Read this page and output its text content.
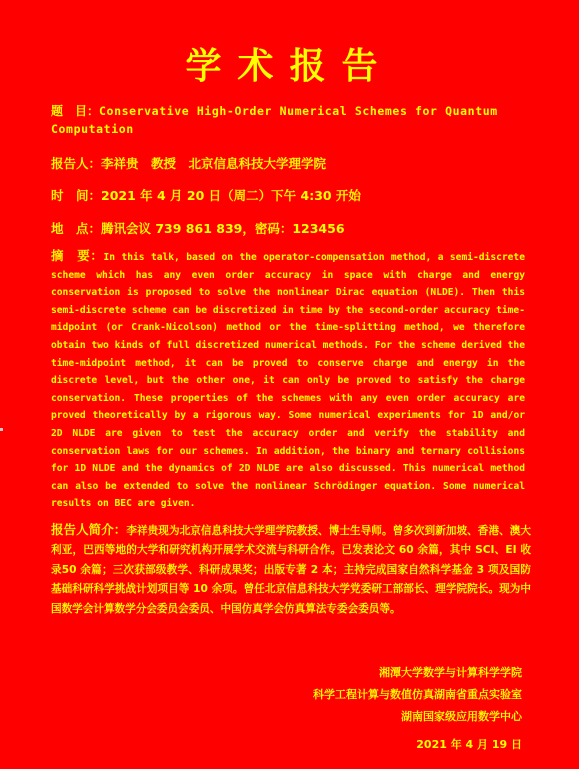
学术报告
题　目：Conservative High-Order Numerical Schemes for Quantum Computation
报告人：李祥贵　教授　北京信息科技大学理学院
时　间：2021 年 4 月 20 日（周二）下午 4:30 开始
地　点：腾讯会议 739 861 839，密码：123456
摘　要：In this talk, based on the operator-compensation method, a semi-discrete scheme which has any even order accuracy in space with charge and energy conservation is proposed to solve the nonlinear Dirac equation (NLDE). Then this semi-discrete scheme can be discretized in time by the second-order accuracy time-midpoint (or Crank-Nicolson) method or the time-splitting method, we therefore obtain two kinds of full discretized numerical methods. For the scheme derived the time-midpoint method, it can be proved to conserve charge and energy in the discrete level, but the other one, it can only be proved to satisfy the charge conservation. These properties of the schemes with any even order accuracy are proved theoretically by a rigorous way. Some numerical experiments for 1D and/or 2D NLDE are given to test the accuracy order and verify the stability and conservation laws for our schemes. In addition, the binary and ternary collisions for 1D NLDE and the dynamics of 2D NLDE are also discussed. This numerical method can also be extended to solve the nonlinear Schrödinger equation. Some numerical results on BEC are given.
报告人简介：李祥贵现为北京信息科技大学理学院教授、博士生导师。曾多次到新加坡、香港、澳大利亚，巴西等地的大学和研究机构开展学术交流与科研合作。已发表论文 60 余篇，其中 SCI、EI 收录50 余篇；三次获部级教学、科研成果奖；出版专著 2 本；主持完成国家自然科学基金 3 项及国防基础科研科学挑战计划项目等 10 余项。曾任北京信息科技大学党委研工部部长、理学院院长。现为中国数学会计算数学分会委员会委员、中国仿真学会仿真算法专委会委员等。
湘潭大学数学与计算科学学院
科学工程计算与数值仿真湖南省重点实验室
湖南国家级应用数学中心
2021 年 4 月 19 日
